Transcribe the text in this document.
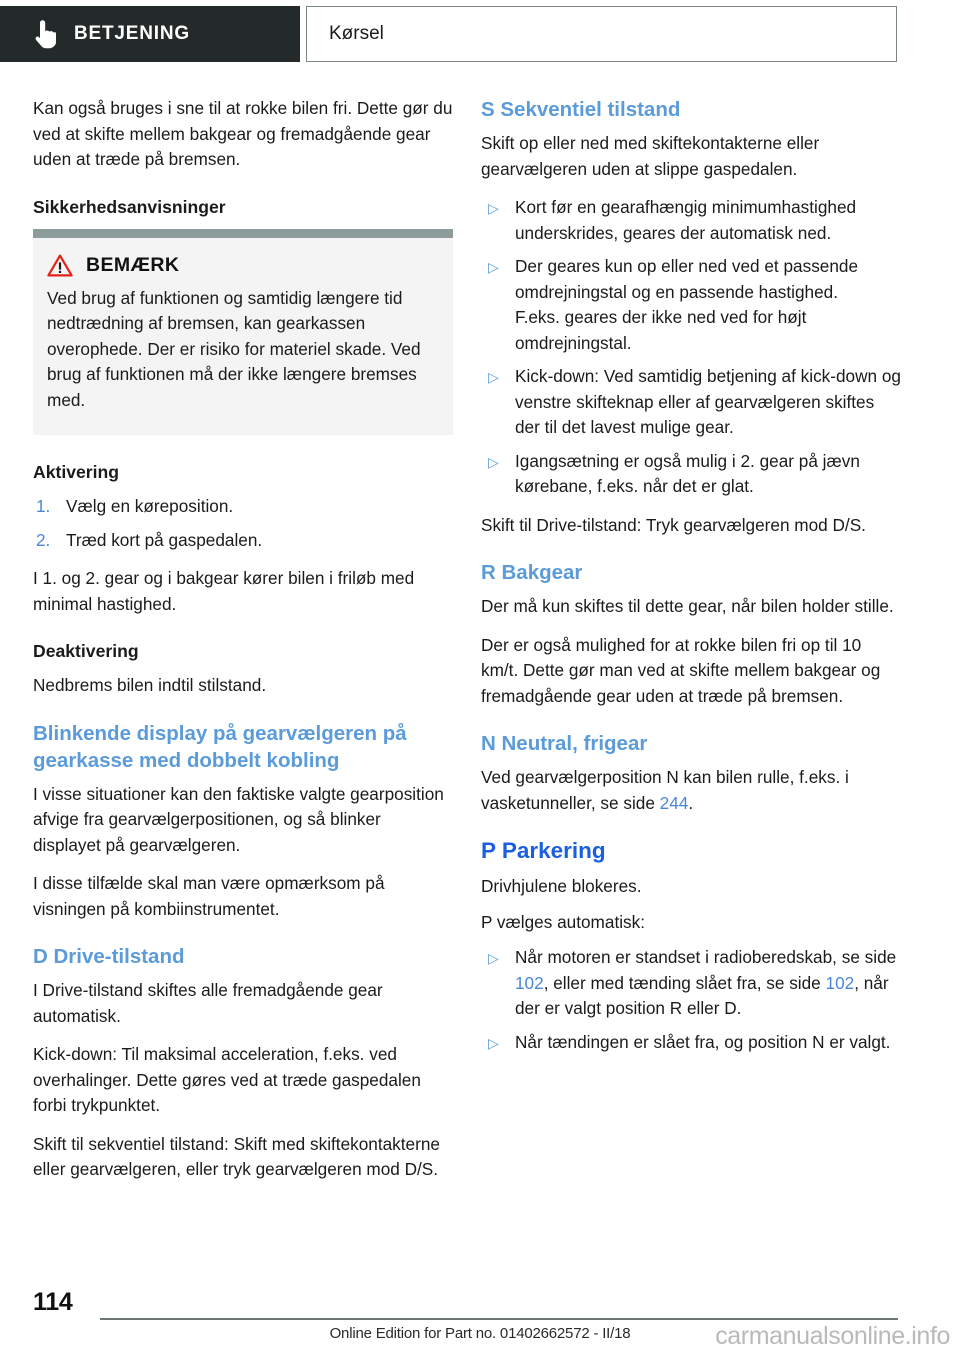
BETJENING	Kørsel

Kan også bruges i sne til at rokke bilen fri. Dette gør du ved at skifte mellem bakgear og fremadgående gear uden at træde på bremsen.

Sikkerhedsanvisninger
BEMÆRK

Ved brug af funktionen og samtidig længere tid nedtrædning af bremsen, kan gearkassen overophede. Der er risiko for materiel skade. Ved brug af funktionen må der ikke længere bremses med.

Aktivering
1. Vælg en køreposition.
2. Træd kort på gaspedalen.

I 1. og 2. gear og i bakgear kører bilen i friløb med minimal hastighed.

Deaktivering

Nedbrems bilen indtil stilstand.

Blinkende display på gearvælgeren på gearkasse med dobbelt kobling

I visse situationer kan den faktiske valgte gearposition afvige fra gearvælgerpositionen, og så blinker displayet på gearvælgeren.

I disse tilfælde skal man være opmærksom på visningen på kombiinstrumentet.

D Drive-tilstand

I Drive-tilstand skiftes alle fremadgående gear automatisk.

Kick-down: Til maksimal acceleration, f.eks. ved overhalinger. Dette gøres ved at træde gaspedalen forbi trykpunktet.

Skift til sekventiel tilstand: Skift med skiftekontakterne eller gearvælgeren, eller tryk gearvælgeren mod D/S.

S Sekventiel tilstand

Skift op eller ned med skiftekontakterne eller gearvælgeren uden at slippe gaspedalen.

▷ Kort før en gearafhængig minimumhastighed underskrides, geares der automatisk ned.
▷ Der geares kun op eller ned ved et passende omdrejningstal og en passende hastighed.
F.eks. geares der ikke ned ved for højt omdrejningstal.
▷ Kick-down: Ved samtidig betjening af kick-down og venstre skifteknap eller af gearvælgeren skiftes der til det lavest mulige gear.
▷ Igangsætning er også mulig i 2. gear på jævn kørebane, f.eks. når det er glat.

Skift til Drive-tilstand: Tryk gearvælgeren mod D/S.

R Bakgear

Der må kun skiftes til dette gear, når bilen holder stille.

Der er også mulighed for at rokke bilen fri op til 10 km/t. Dette gør man ved at skifte mellem bakgear og fremadgående gear uden at træde på bremsen.

N Neutral, frigear

Ved gearvælgerposition N kan bilen rulle, f.eks. i vasketunneller, se side 244.

P Parkering

Drivhjulene blokeres.

P vælges automatisk:

▷ Når motoren er standset i radioberedskab, se side 102, eller med tænding slået fra, se side 102, når der er valgt position R eller D.
▷ Når tændingen er slået fra, og position N er valgt.
114
Online Edition for Part no. 01402662572 - II/18	carmanualsonline.info
